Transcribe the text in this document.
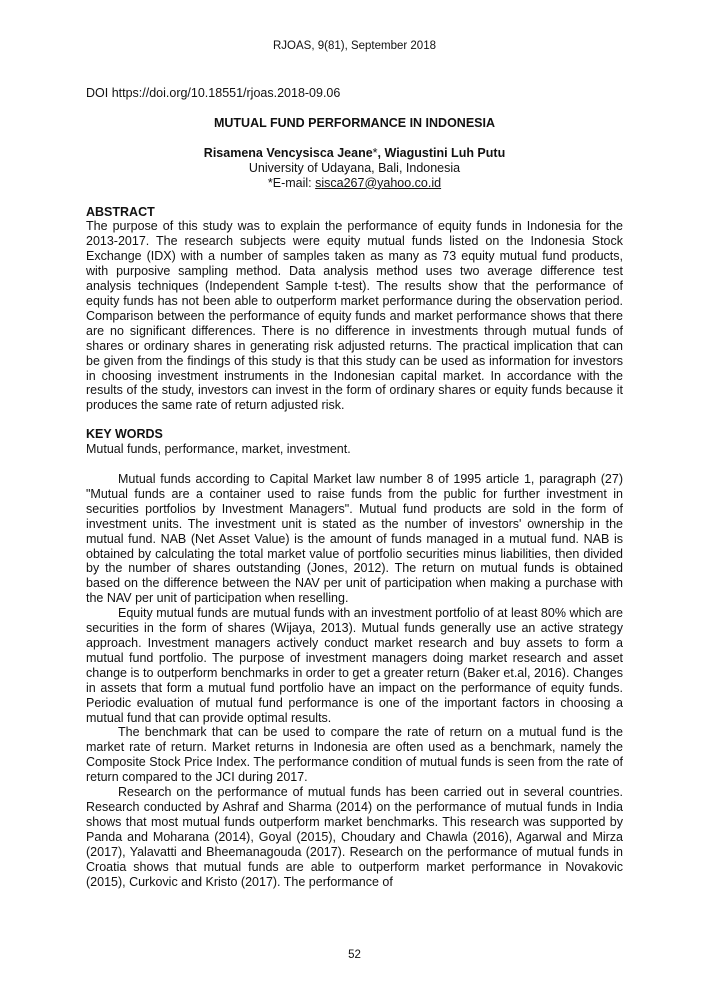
RJOAS, 9(81), September 2018

DOI https://doi.org/10.18551/rjoas.2018-09.06

MUTUAL FUND PERFORMANCE IN INDONESIA

Risamena Vencysisca Jeane*, Wiagustini Luh Putu

University of Udayana, Bali, Indonesia

*E-mail: sisca267@yahoo.co.id

ABSTRACT

The purpose of this study was to explain the performance of equity funds in Indonesia for the 2013-2017. The research subjects were equity mutual funds listed on the Indonesia Stock Exchange (IDX) with a number of samples taken as many as 73 equity mutual fund products, with purposive sampling method. Data analysis method uses two average difference test analysis techniques (Independent Sample t-test). The results show that the performance of equity funds has not been able to outperform market performance during the observation period. Comparison between the performance of equity funds and market performance shows that there are no significant differences. There is no difference in investments through mutual funds of shares or ordinary shares in generating risk adjusted returns. The practical implication that can be given from the findings of this study is that this study can be used as information for investors in choosing investment instruments in the Indonesian capital market. In accordance with the results of the study, investors can invest in the form of ordinary shares or equity funds because it produces the same rate of return adjusted risk.

KEY WORDS

Mutual funds, performance, market, investment.

Mutual funds according to Capital Market law number 8 of 1995 article 1, paragraph (27) "Mutual funds are a container used to raise funds from the public for further investment in securities portfolios by Investment Managers". Mutual fund products are sold in the form of investment units. The investment unit is stated as the number of investors' ownership in the mutual fund. NAB (Net Asset Value) is the amount of funds managed in a mutual fund. NAB is obtained by calculating the total market value of portfolio securities minus liabilities, then divided by the number of shares outstanding (Jones, 2012). The return on mutual funds is obtained based on the difference between the NAV per unit of participation when making a purchase with the NAV per unit of participation when reselling.

Equity mutual funds are mutual funds with an investment portfolio of at least 80% which are securities in the form of shares (Wijaya, 2013). Mutual funds generally use an active strategy approach. Investment managers actively conduct market research and buy assets to form a mutual fund portfolio. The purpose of investment managers doing market research and asset change is to outperform benchmarks in order to get a greater return (Baker et.al, 2016). Changes in assets that form a mutual fund portfolio have an impact on the performance of equity funds. Periodic evaluation of mutual fund performance is one of the important factors in choosing a mutual fund that can provide optimal results.

The benchmark that can be used to compare the rate of return on a mutual fund is the market rate of return. Market returns in Indonesia are often used as a benchmark, namely the Composite Stock Price Index. The performance condition of mutual funds is seen from the rate of return compared to the JCI during 2017.

Research on the performance of mutual funds has been carried out in several countries. Research conducted by Ashraf and Sharma (2014) on the performance of mutual funds in India shows that most mutual funds outperform market benchmarks. This research was supported by Panda and Moharana (2014), Goyal (2015), Choudary and Chawla (2016), Agarwal and Mirza (2017), Yalavatti and Bheemanagouda (2017). Research on the performance of mutual funds in Croatia shows that mutual funds are able to outperform market performance in Novakovic (2015), Curkovic and Kristo (2017). The performance of

52
